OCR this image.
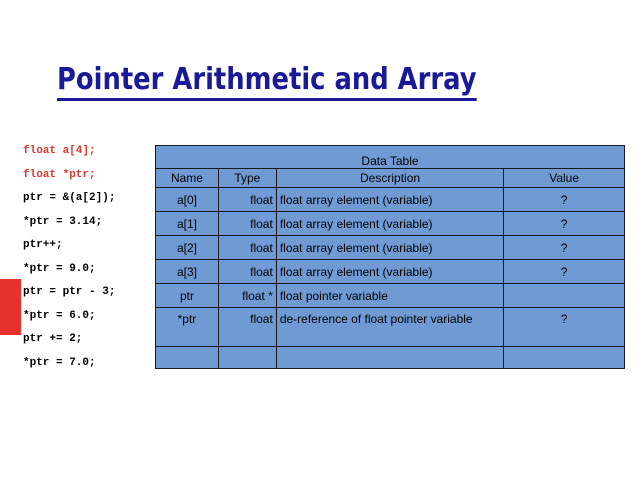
Pointer Arithmetic and Array
float a[4];
float *ptr;
ptr = &(a[2]);
*ptr = 3.14;
ptr++;
*ptr = 9.0;
ptr = ptr - 3;
*ptr = 6.0;
ptr += 2;
*ptr = 7.0;
Data Table			
Name	Type	Description	Value
a[0]	float	float array element (variable)	?
a[1]	float	float array element (variable)	?
a[2]	float	float array element (variable)	?
a[3]	float	float array element (variable)	?
ptr	float *	float pointer variable	
*ptr	float	de-reference of float pointer variable	?
